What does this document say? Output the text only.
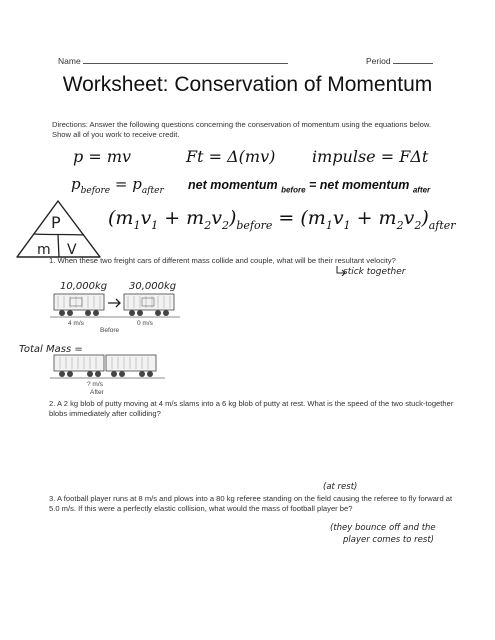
Name	Period
Worksheet: Conservation of Momentum
Directions: Answer the following questions concerning the conservation of momentum using the equations below. Show all of you work to receive credit.
p = mv	Ft = Δ(mv) impulse = FΔt
$p_{before} = p_{after}$ net momentum $_{before}$ = net momentum $_{after}$
P
m V
$(m_1v_1 + m_2v_2)_{before} = (m_1v_1 + m_2v_2)_{after}$
1. When these two freight cars of different mass collide and couple, what will be their resultant velocity?
stick together
10,000kg 30,000kg
4 m/s	0 m/s
Before
Total Mass =
? m/s
After
2. A 2 kg blob of putty moving at 4 m/s slams into a 6 kg blob of putty at rest. What is the speed of the two stuck-together blobs immediately after colliding?
(at rest)
3. A football player runs at 8 m/s and plows into a 80 kg referee standing on the field causing the referee to fly forward at 5.0 m/s. If this were a perfectly elastic collision, what would the mass of football player be?
(they bounce off and the
player comes to rest)
